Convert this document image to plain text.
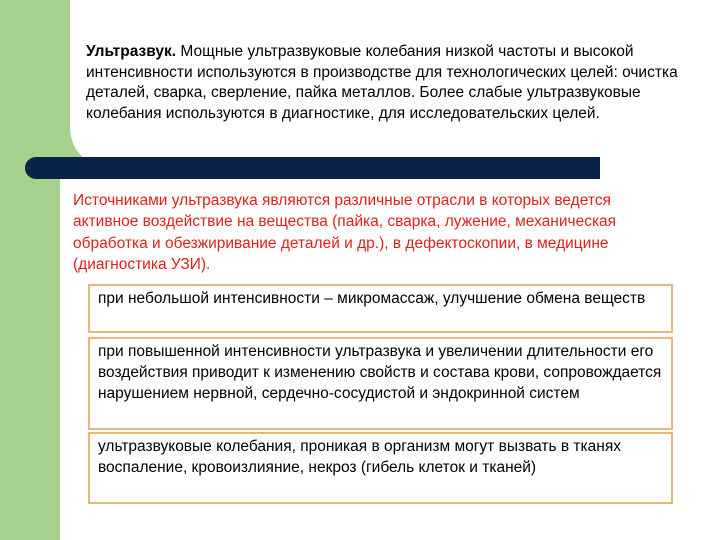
Ультразвук. Мощные ультразвуковые колебания низкой частоты и высокой интенсивности используются в производстве для технологических целей: очистка деталей, сварка, сверление, пайка металлов. Более слабые ультразвуковые колебания используются в диагностике, для исследовательских целей.

Источниками ультразвука являются различные отрасли в которых ведется активное воздействие на вещества (пайка, сварка, лужение, механическая обработка и обезжиривание деталей и др.), в дефектоскопии, в медицине (диагностика УЗИ).

при небольшой интенсивности – микромассаж, улучшение обмена веществ
при повышенной интенсивности ультразвука и увеличении длительности его воздействия приводит к изменению свойств и состава крови, сопровождается нарушением нервной, сердечно-сосудистой и эндокринной систем
ультразвуковые колебания, проникая в организм могут вызвать в тканях воспаление, кровоизлияние, некроз (гибель клеток и тканей)
